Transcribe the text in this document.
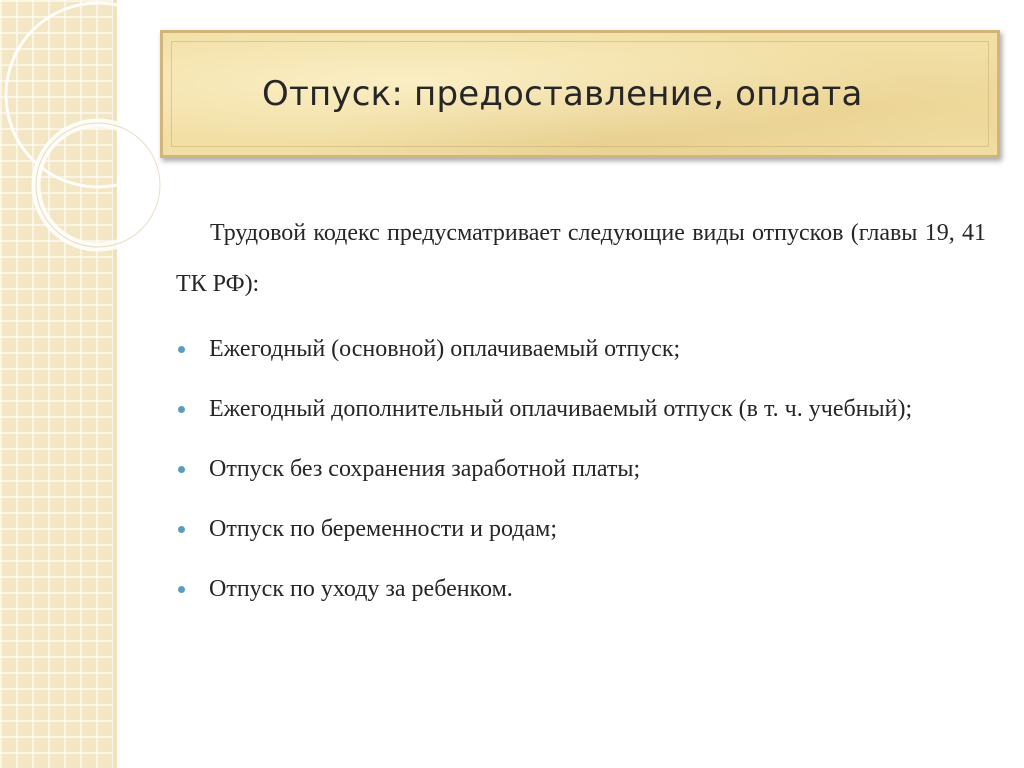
Отпуск: предоставление, оплата

Трудовой кодекс предусматривает следующие виды отпусков (главы 19, 41 ТК РФ):

Ежегодный (основной) оплачиваемый отпуск;
Ежегодный дополнительный оплачиваемый отпуск (в т. ч. учебный);
Отпуск без сохранения заработной платы;
Отпуск по беременности и родам;
Отпуск по уходу за ребенком.
